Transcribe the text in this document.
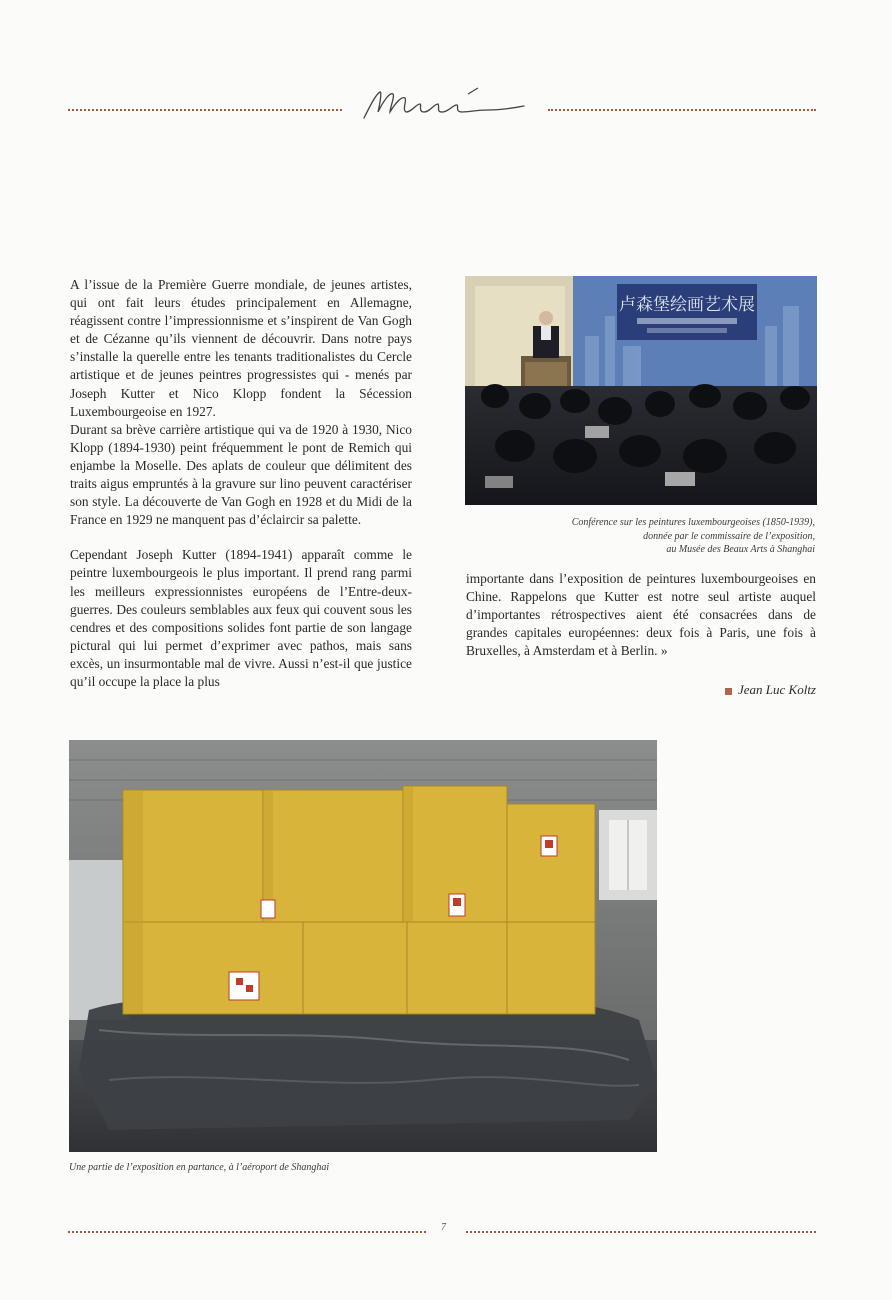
A l’issue de la Première Guerre mondiale, de jeunes artistes, qui ont fait leurs études principalement en Allemagne, réagissent contre l’impressionnisme et s’inspirent de Van Gogh et de Cézanne qu’ils viennent de découvrir. Dans notre pays s’installe la querelle entre les tenants traditionalistes du Cercle artistique et de jeunes peintres progressistes qui - menés par Joseph Kutter et Nico Klopp fondent la Sécession Luxembourgeoise en 1927.

Durant sa brève carrière artistique qui va de 1920 à 1930, Nico Klopp (1894-1930) peint fréquemment le pont de Remich qui enjambe la Moselle. Des aplats de couleur que délimitent des traits aigus empruntés à la gravure sur lino peuvent caractériser son style. La découverte de Van Gogh en 1928 et du Midi de la France en 1929 ne manquent pas d’éclaircir sa palette.

Cependant Joseph Kutter (1894-1941) apparaît comme le peintre luxembourgeois le plus important. Il prend rang parmi les meilleurs expressionnistes européens de l’Entre-deux-guerres. Des couleurs semblables aux feux qui couvent sous les cendres et des compositions solides font partie de son langage pictural qui lui permet d’exprimer avec pathos, mais sans excès, un insurmontable mal de vivre. Aussi n’est-il que justice qu’il occupe la place la plus

卢森堡绘画艺术展
Conférence sur les peintures luxembourgeoises (1850-1939),
donnée par le commissaire de l’exposition,
au Musée des Beaux Arts à Shanghai

importante dans l’exposition de peintures luxembourgeoises en Chine. Rappelons que Kutter est notre seul artiste auquel d’importantes rétrospectives aient été consacrées dans de grandes capitales européennes: deux fois à Paris, une fois à Bruxelles, à Amsterdam et à Berlin. »

Jean Luc Koltz
Une partie de l’exposition en partance, à l’aéroport de Shanghai
7
